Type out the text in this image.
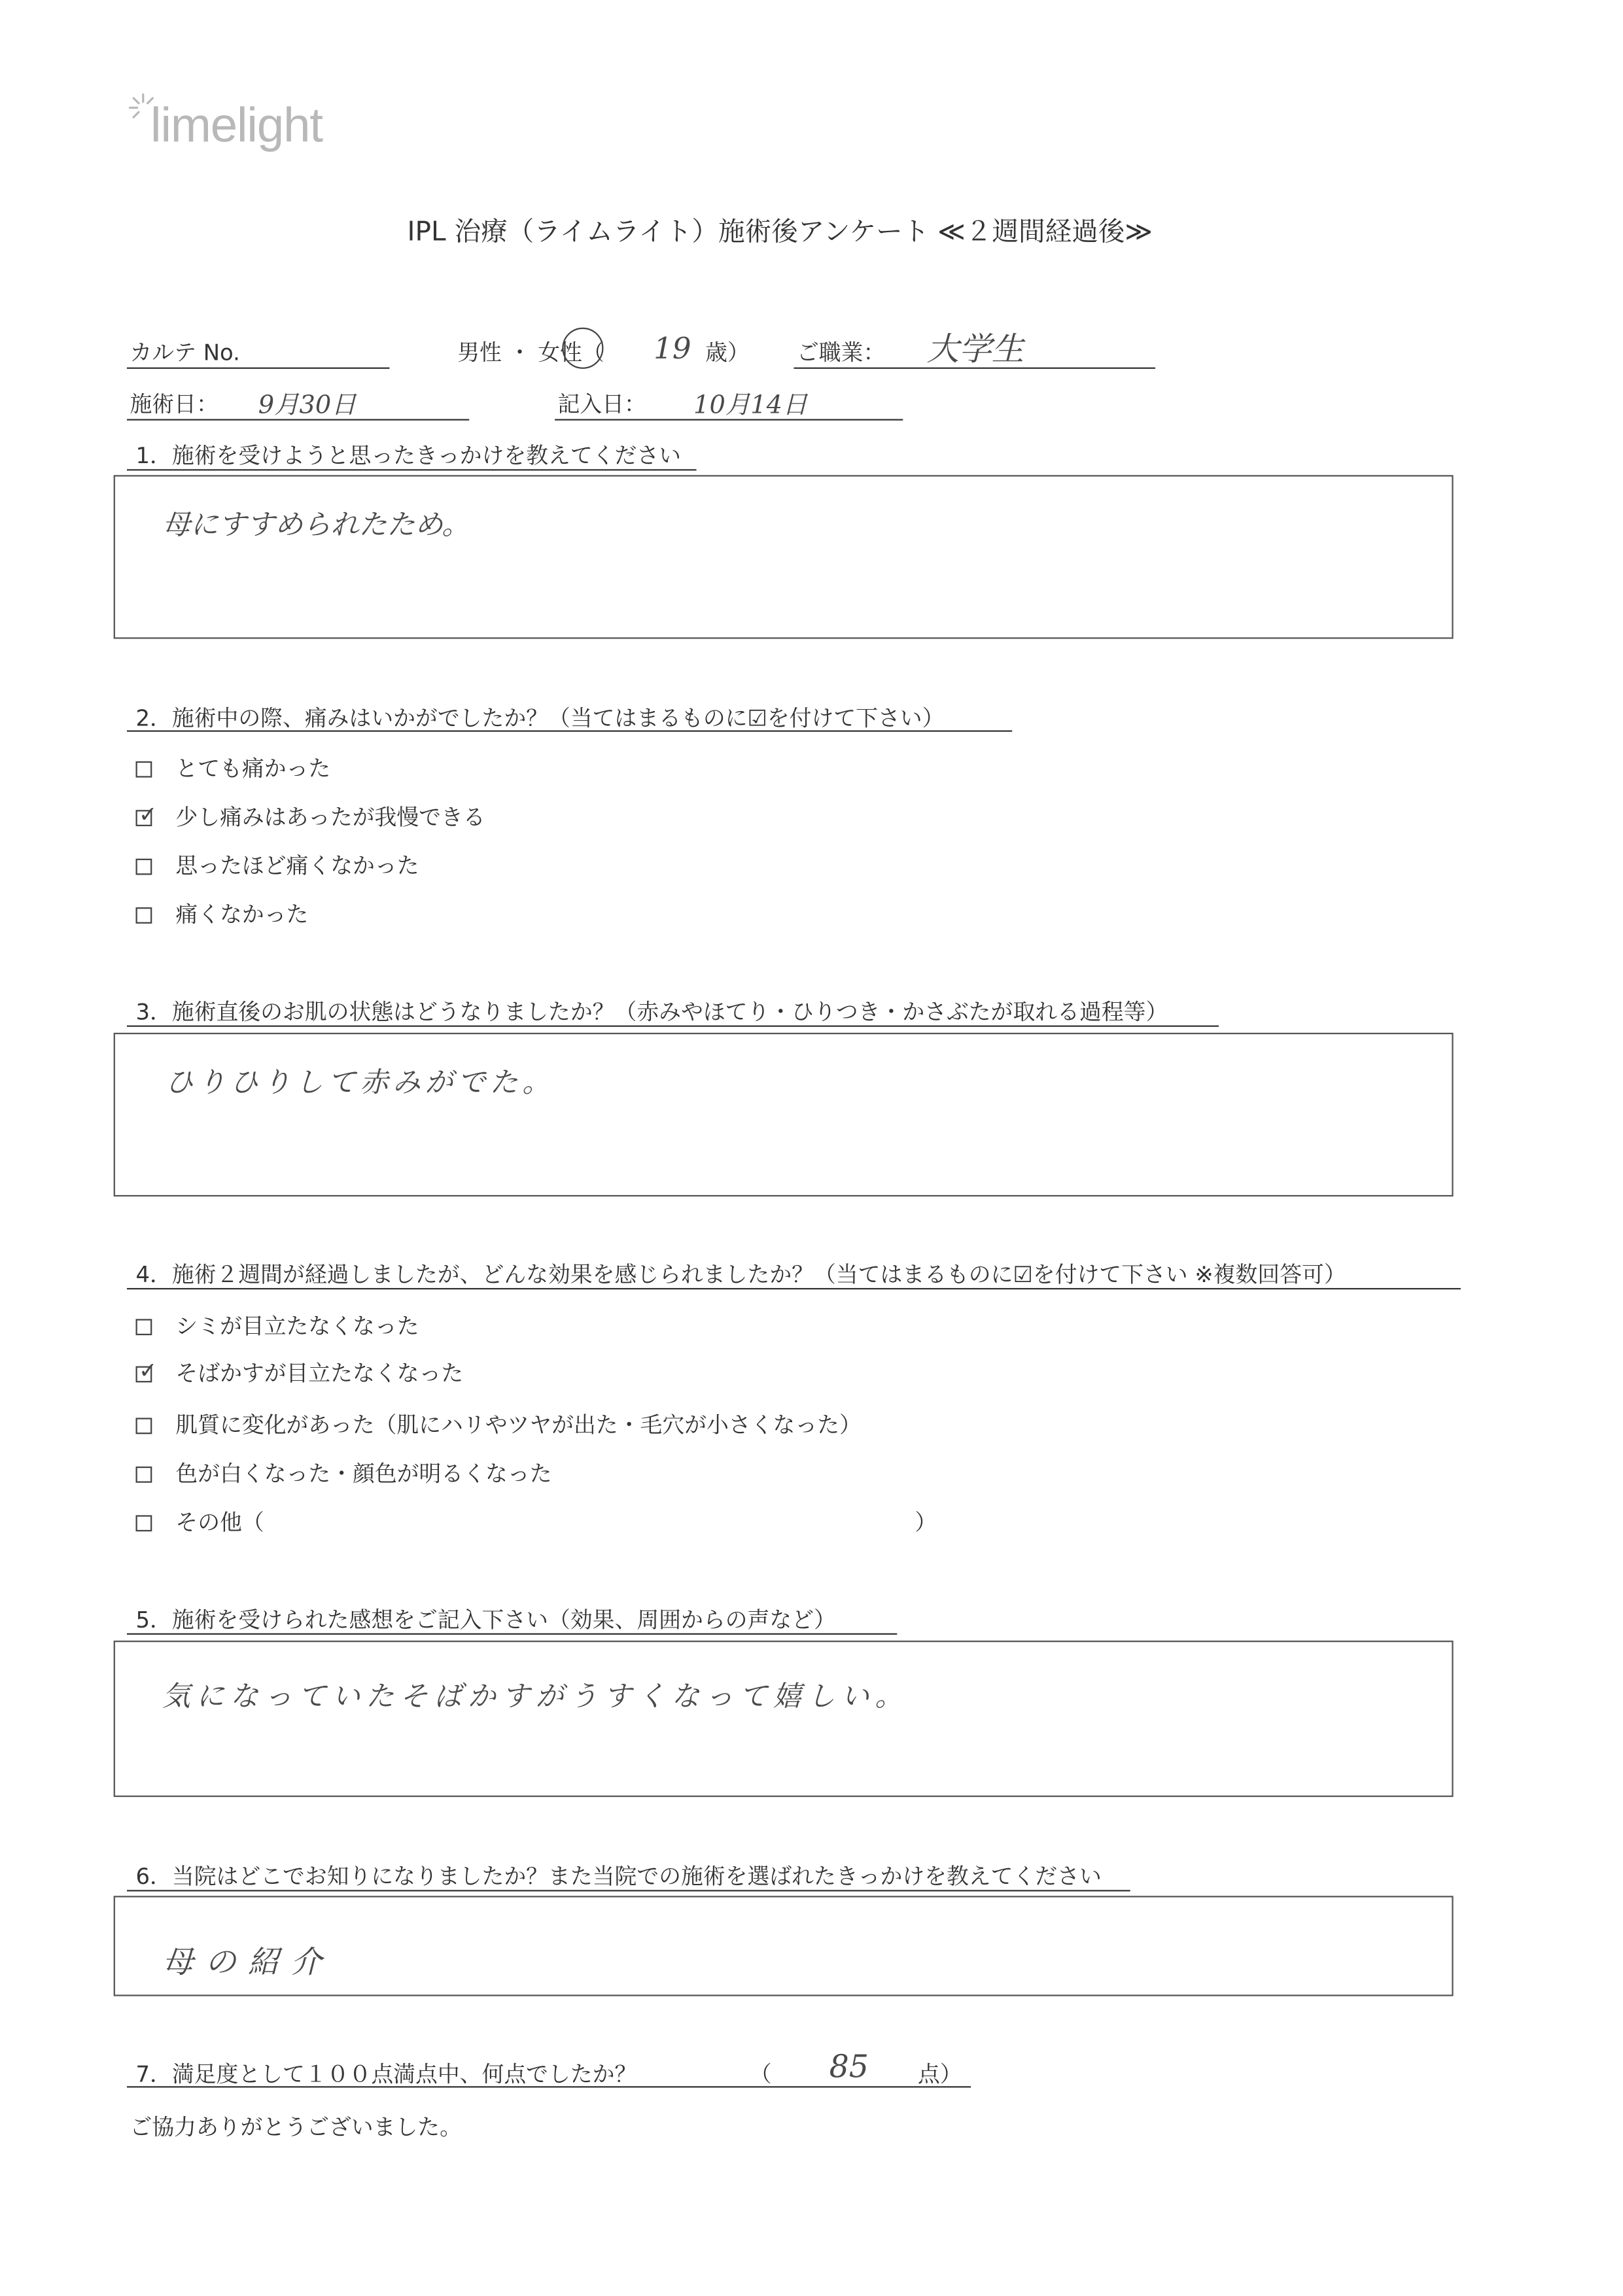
limelight
IPL 治療（ライムライト）施術後アンケート ≪２週間経過後≫
カルテ No.	男性 ・ 女性（	19 歳）	ご職業：	大学生
施術日：	9月30日	記入日：	10月14日
1．施術を受けようと思ったきっかけを教えてください
母にすすめられたため。
2．施術中の際、痛みはいかがでしたか？（当てはまるものに☑を付けて下さい）
とても痛かった
✓ 少し痛みはあったが我慢できる
思ったほど痛くなかった
痛くなかった
3．施術直後のお肌の状態はどうなりましたか？（赤みやほてり・ひりつき・かさぶたが取れる過程等）
ひりひりして赤みがでた。
4．施術２週間が経過しましたが、どんな効果を感じられましたか？（当てはまるものに☑を付けて下さい ※複数回答可）
シミが目立たなくなった
✓ そばかすが目立たなくなった
肌質に変化があった（肌にハリやツヤが出た・毛穴が小さくなった）
色が白くなった・顔色が明るくなった
その他（	）
5．施術を受けられた感想をご記入下さい（効果、周囲からの声など）
気になっていたそばかすがうすくなって嬉しい。
6．当院はどこでお知りになりましたか？また当院での施術を選ばれたきっかけを教えてください
母の紹介
7．満足度として１００点満点中、何点でしたか？	（	85	点）
ご協力ありがとうございました。
